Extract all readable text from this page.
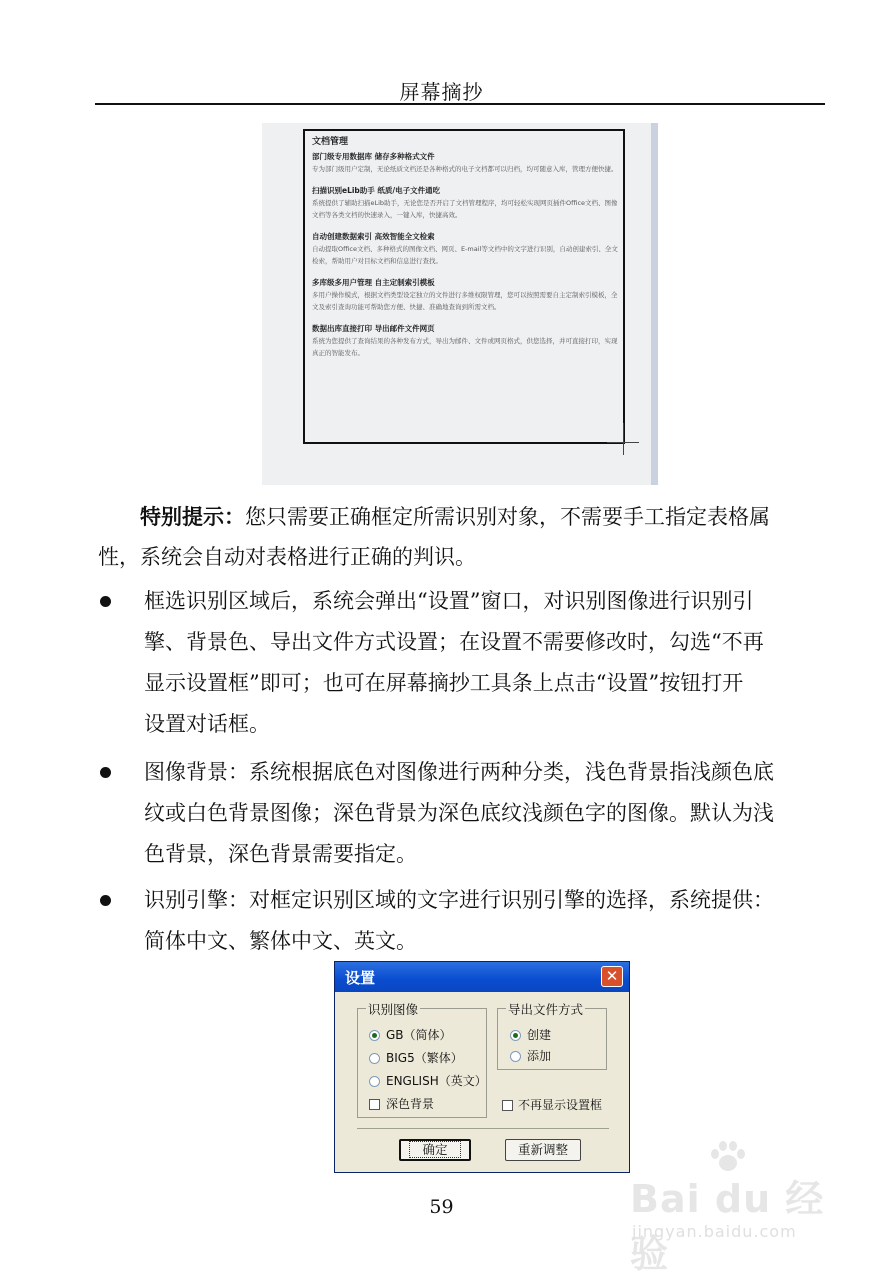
屏幕摘抄
文档管理
部门级专用数据库 储存多种格式文件
专为部门级用户定制，无论纸质文档还是各种格式的电子文档都可以归档，均可随意入库，管理方便快捷。
扫描识别eLib助手 纸质/电子文件通吃
系统提供了辅助扫描eLib助手，无论您是否开启了文档管理程序，均可轻松实现网页插件Office文档、图像文档等各类文档的快速录入，一键入库，快捷高效。
自动创建数据索引 高效智能全文检索
自动提取Office文档、多种格式的图像文档、网页、E-mail等文档中的文字进行识别，自动创建索引、全文检索，帮助用户对目标文档和信息进行查找。
多库级多用户管理 自主定制索引模板
多用户操作模式，根据文档类型设定独立的文件进行多维权限管理，您可以按照需要自主定制索引模板，全文及索引查询功能可帮助您方便、快捷、准确地查询到所需文档。
数据出库直接打印 导出邮件文件网页
系统为您提供了查询结果的各种发布方式，导出为邮件、文件或网页格式，供您选择，并可直接打印，实现真正的智能发布。
特别提示：您只需要正确框定所需识别对象，不需要手工指定表格属
性，系统会自动对表格进行正确的判识。
框选识别区域后，系统会弹出“设置”窗口，对识别图像进行识别引
擎、背景色、导出文件方式设置；在设置不需要修改时，勾选“不再
显示设置框”即可；也可在屏幕摘抄工具条上点击“设置”按钮打开
设置对话框。
图像背景：系统根据底色对图像进行两种分类，浅色背景指浅颜色底
纹或白色背景图像；深色背景为深色底纹浅颜色字的图像。默认为浅
色背景，深色背景需要指定。
识别引擎：对框定识别区域的文字进行识别引擎的选择，系统提供：
简体中文、繁体中文、英文。
设置	✕
识别图像
GB（简体）
BIG5（繁体）
ENGLISH（英文）
深色背景
导出文件方式
创建
添加
不再显示设置框
确定	重新调整
59	Bai du 经验
jingyan.baidu.com
